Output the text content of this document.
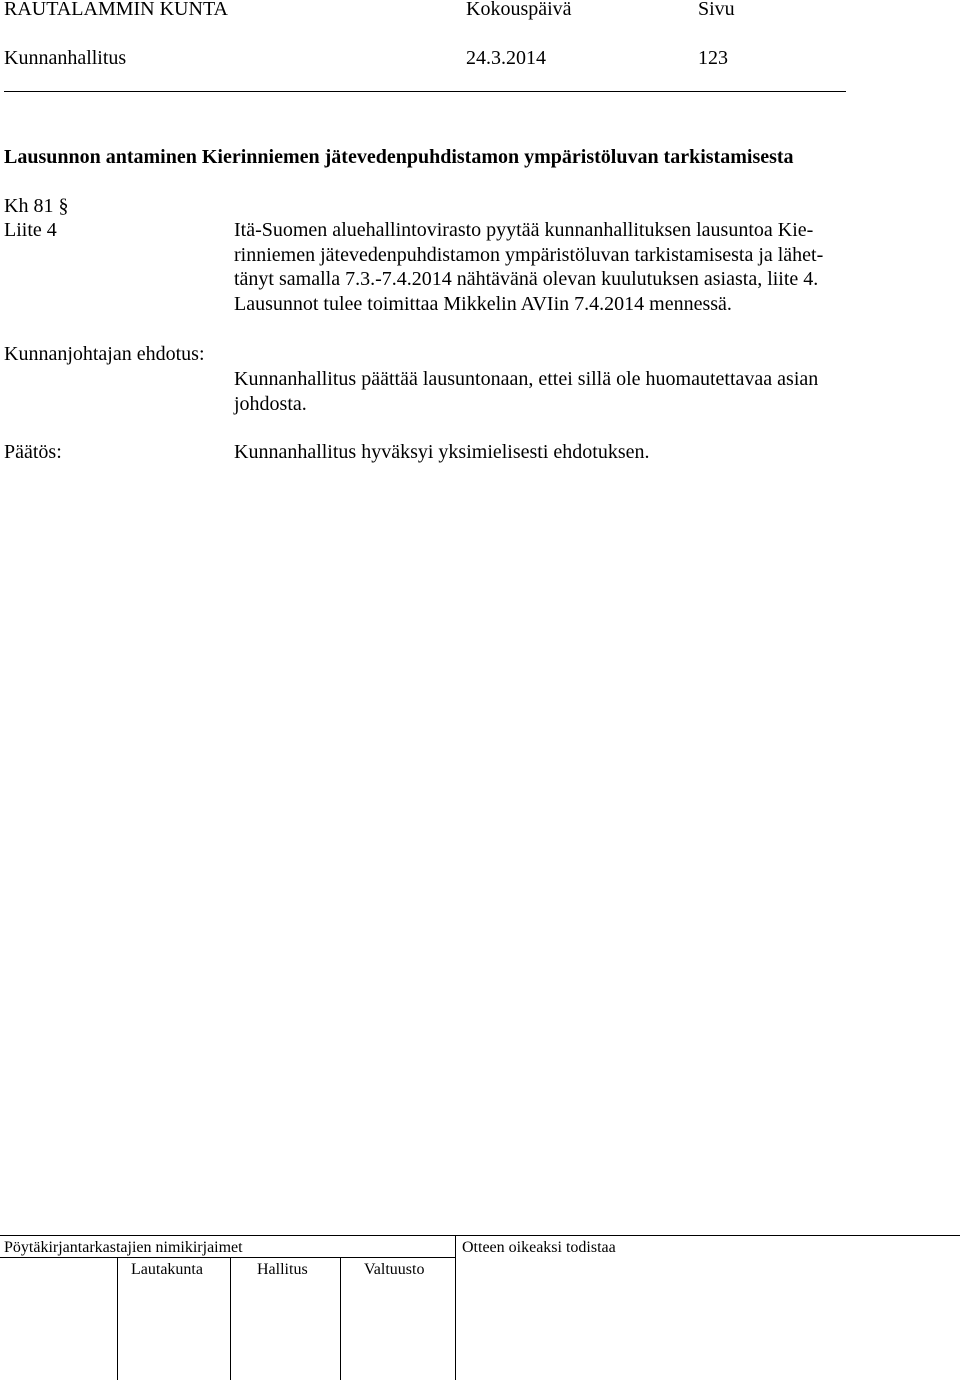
RAUTALAMMIN KUNTA	Kokouspäivä	Sivu
Kunnanhallitus	24.3.2014	123
Lausunnon antaminen Kierinniemen jätevedenpuhdistamon ympäristöluvan tarkistamisesta
Kh 81 §
Liite 4	Itä-Suomen aluehallintovirasto pyytää kunnanhallituksen lausuntoa Kie-

rinniemen jätevedenpuhdistamon ympäristöluvan tarkistamisesta ja lähet-

tänyt samalla 7.3.-7.4.2014 nähtävänä olevan kuulutuksen asiasta, liite 4.

Lausunnot tulee toimittaa Mikkelin AVIin 7.4.2014 mennessä.

Kunnanjohtajan ehdotus:

Kunnanhallitus päättää lausuntonaan, ettei sillä ole huomautettavaa asian

johdosta.

Päätös:	Kunnanhallitus hyväksyi yksimielisesti ehdotuksen.

Pöytäkirjantarkastajien nimikirjaimet	Otteen oikeaksi todistaa
Lautakunta	Hallitus	Valtuusto
